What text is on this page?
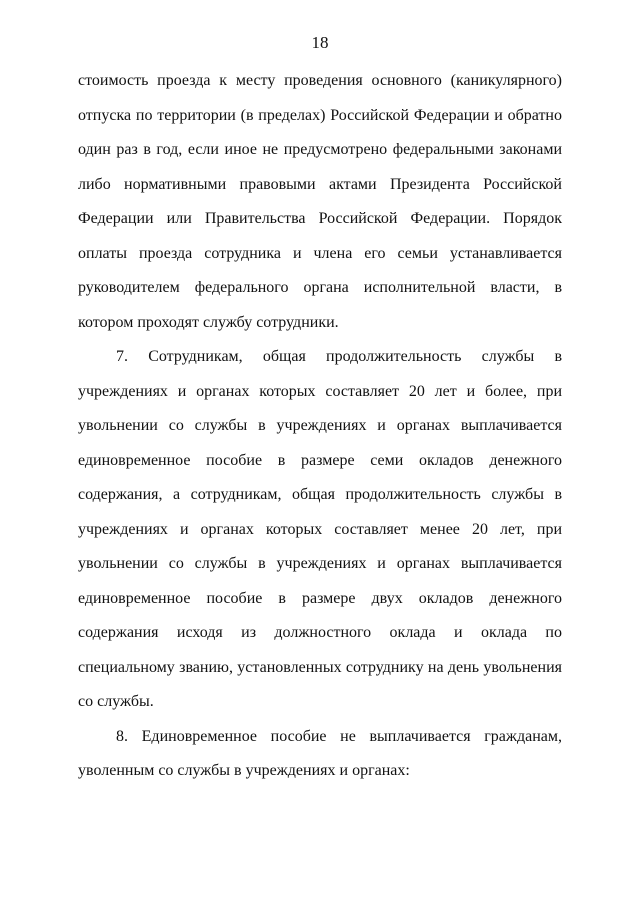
18

стоимость проезда к месту проведения основного (каникулярного) отпуска по территории (в пределах) Российской Федерации и обратно один раз в год, если иное не предусмотрено федеральными законами либо нормативными правовыми актами Президента Российской Федерации или Правительства Российской Федерации. Порядок оплаты проезда сотрудника и члена его семьи устанавливается руководителем федерального органа исполнительной власти, в котором проходят службу сотрудники.

7. Сотрудникам, общая продолжительность службы в учреждениях и органах которых составляет 20 лет и более, при увольнении со службы в учреждениях и органах выплачивается единовременное пособие в размере семи окладов денежного содержания, а сотрудникам, общая продолжительность службы в учреждениях и органах которых составляет менее 20 лет, при увольнении со службы в учреждениях и органах выплачивается единовременное пособие в размере двух окладов денежного содержания исходя из должностного оклада и оклада по специальному званию, установленных сотруднику на день увольнения со службы.

8. Единовременное пособие не выплачивается гражданам, уволенным со службы в учреждениях и органах:
